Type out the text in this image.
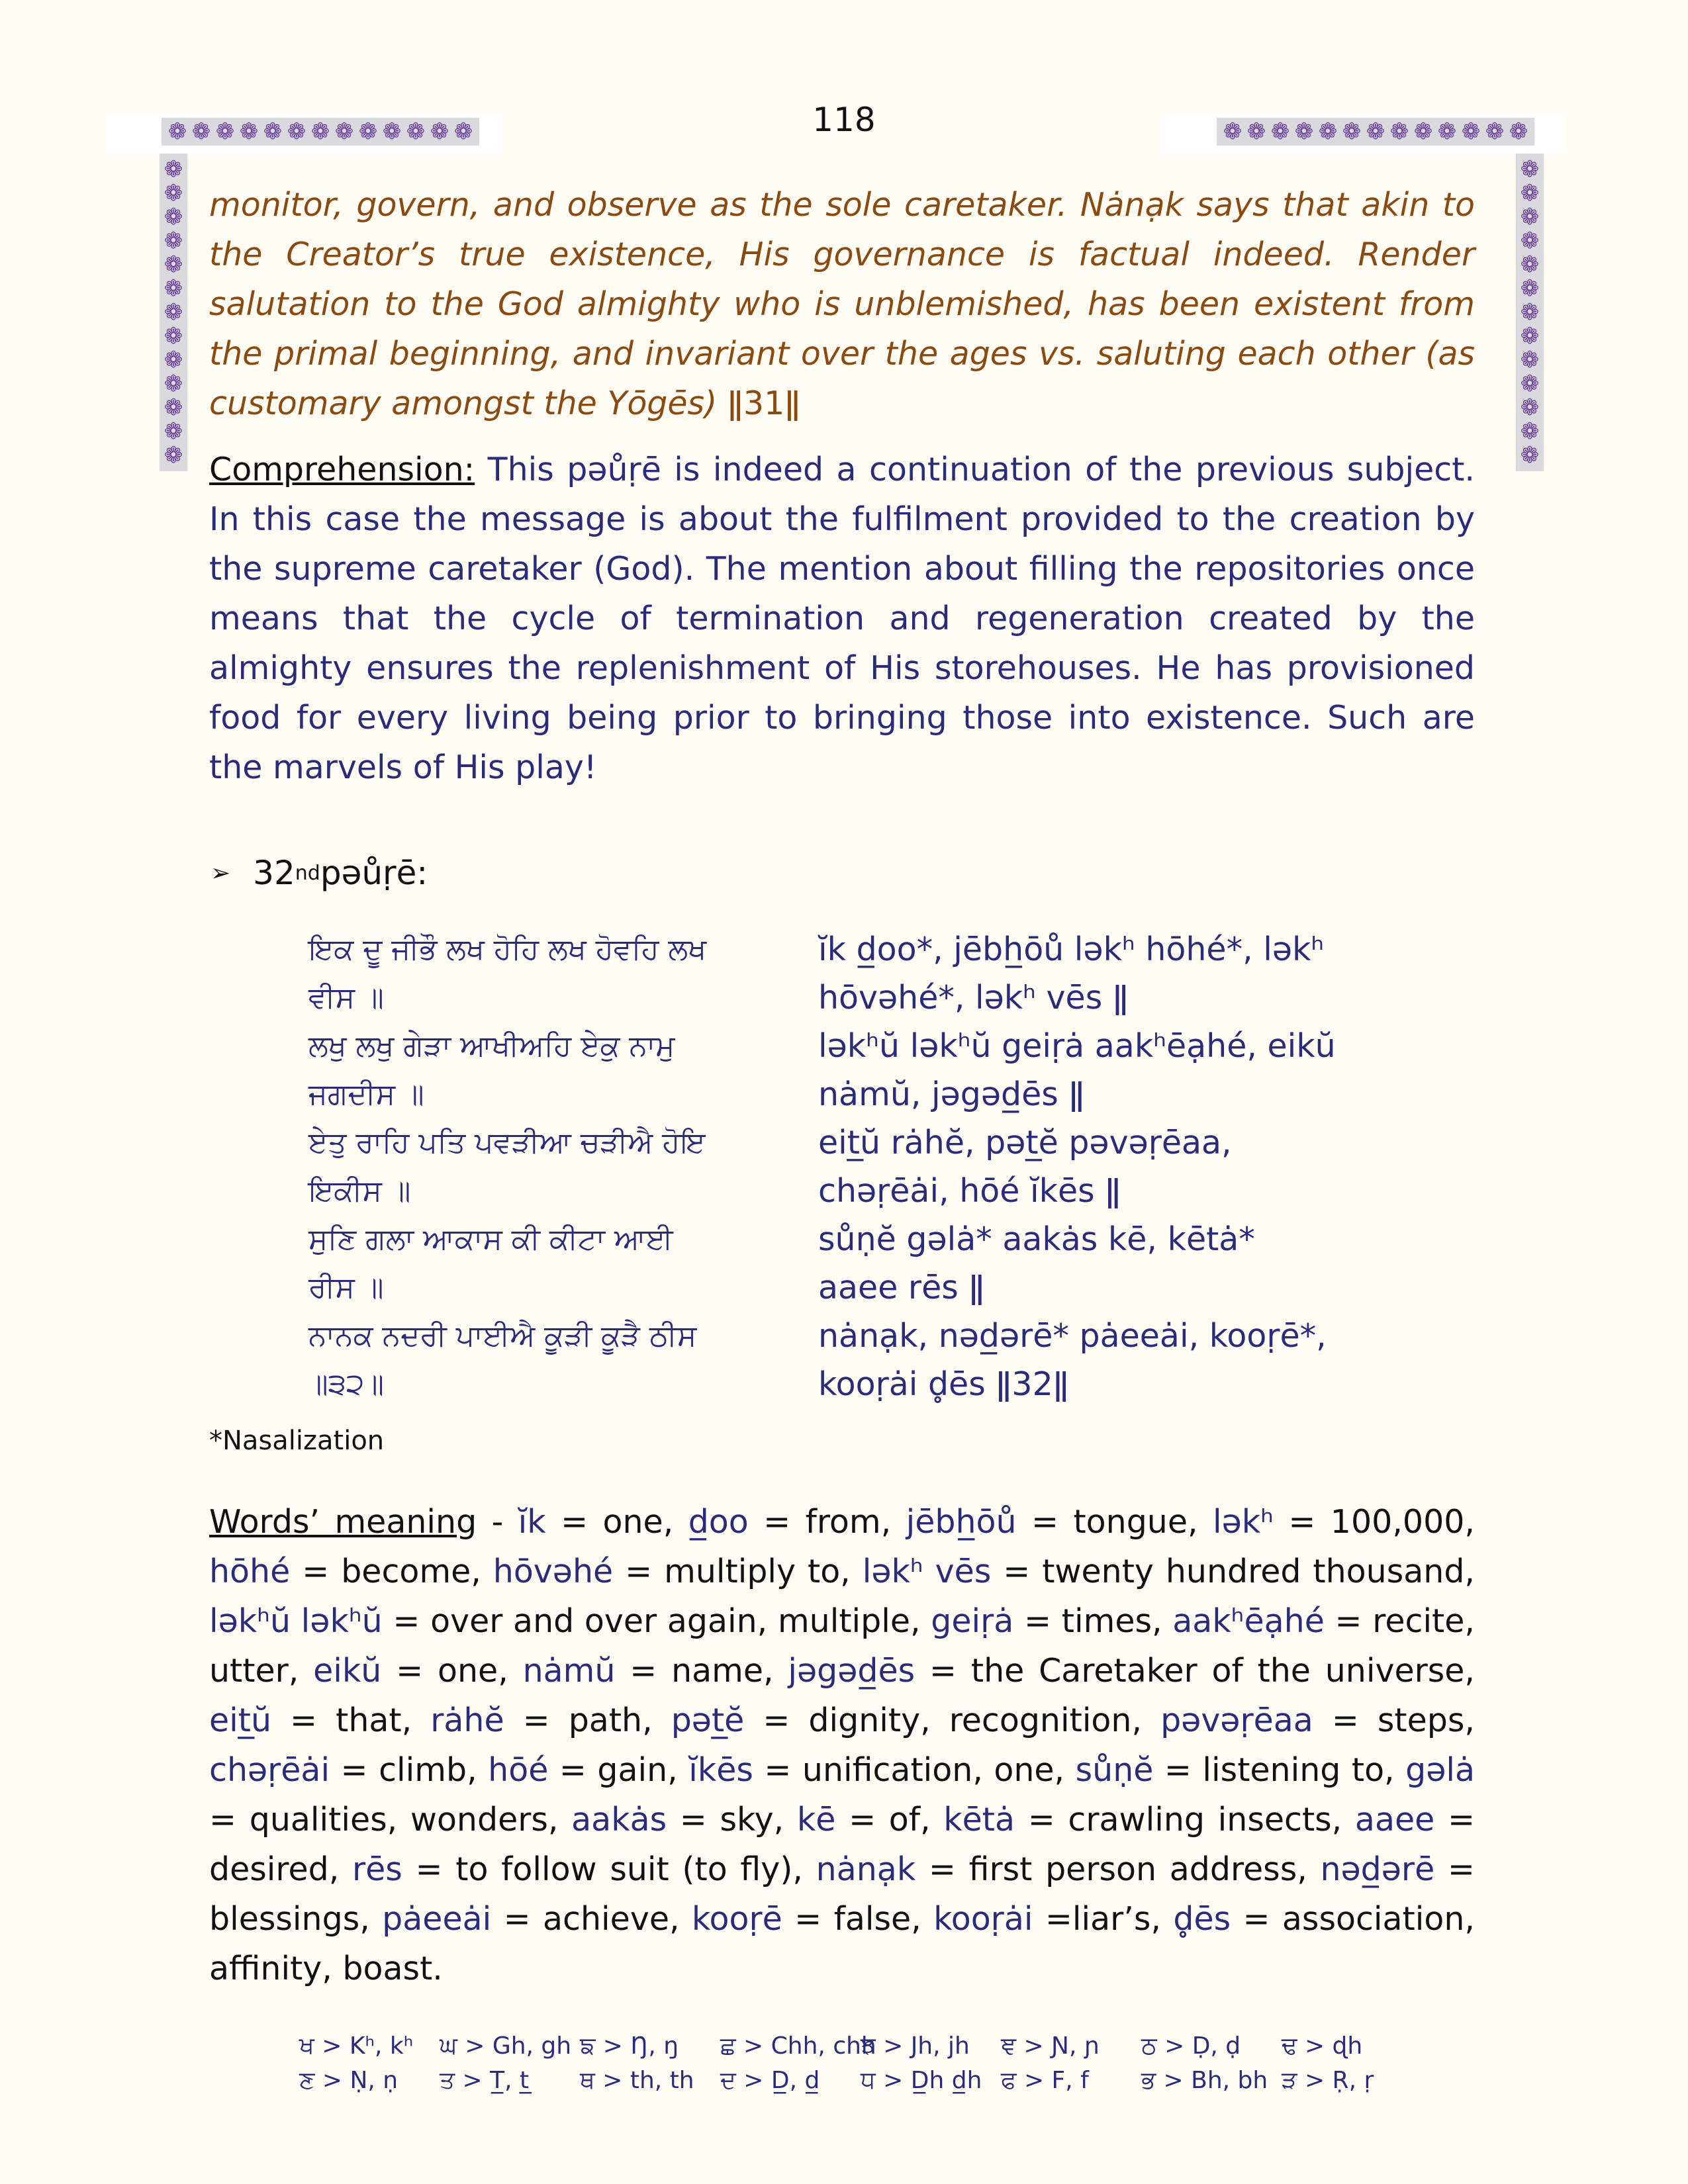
118
❁ ❁ ❁ ❁ ❁ ❁ ❁ ❁ ❁ ❁ ❁ ❁ ❁	❁ ❁ ❁ ❁ ❁ ❁ ❁ ❁ ❁ ❁ ❁ ❁ ❁
❁
❁
❁
❁
❁
❁
❁
❁
❁
❁
❁
❁
❁
❁
❁
❁
❁
❁
❁
❁
❁
❁
❁
❁
❁
❁
monitor, govern, and observe as the sole caretaker. Nȧnạk says that akin to the Creator’s true existence, His governance is factual indeed. Render salutation to the God almighty who is unblemished, has been existent from the primal beginning, and invariant over the ages vs. saluting each other (as customary amongst the Yōgēs) ǁ31ǁ
Comprehension: This pəůṛē is indeed a continuation of the previous subject. In this case the message is about the fulfilment provided to the creation by the supreme caretaker (God). The mention about filling the repositories once means that the cycle of termination and regeneration created by the almighty ensures the replenishment of His storehouses. He has provisioned food for every living being prior to bringing those into existence. Such are the marvels of His play!
➢ 32 nd pəůṛē:
ਇਕ ਦੂ ਜੀਭੌ ਲਖ ਹੋਹਿ ਲਖ ਹੋਵਹਿ ਲਖ	ĭk d̲oo*, jēbh̲ōů ləkʰ hōhé*, ləkʰ
ਵੀਸ ॥	hōvəhé*, ləkʰ vēs ǁ
ਲਖੁ ਲਖੁ ਗੇੜਾ ਆਖੀਅਹਿ ਏਕੁ ਨਾਮੁ	ləkʰŭ ləkʰŭ geiṛȧ aakʰēạhé, eikŭ
ਜਗਦੀਸ ॥	nȧmŭ, jəgəd̲ēs ǁ
ਏਤੁ ਰਾਹਿ ਪਤਿ ਪਵੜੀਆ ਚੜੀਐ ਹੋਇ	eit̲ŭ rȧhĕ, pət̲ĕ pəvəṛēaa,
ਇਕੀਸ ॥	chəṛēȧi, hōé ĭkēs ǁ
ਸੁਣਿ ਗਲਾ ਆਕਾਸ ਕੀ ਕੀਟਾ ਆਈ	sůṇĕ gəlȧ* aakȧs kē, kētȧ*
ਰੀਸ ॥	aaee rēs ǁ
ਨਾਨਕ ਨਦਰੀ ਪਾਈਐ ਕੂੜੀ ਕੂੜੈ ਠੀਸ	nȧnạk, nəd̲ərē* pȧeeȧi, kooṛē*,
॥੩੨॥	kooṛȧi d̥ēs ǁ32ǁ
*Nasalization
Words’ meaning - ĭk = one, d̲oo = from, jēbh̲ōů = tongue, ləkʰ = 100,000, hōhé = become, hōvəhé = multiply to, ləkʰ vēs = twenty hundred thousand, ləkʰŭ ləkʰŭ = over and over again, multiple, geiṛȧ = times, aakʰēạhé = recite, utter, eikŭ = one, nȧmŭ = name, jəgəd̲ēs = the Caretaker of the universe, eit̲ŭ = that, rȧhĕ = path, pət̲ĕ = dignity, recognition, pəvəṛēaa = steps, chəṛēȧi = climb, hōé = gain, ĭkēs = unification, one, sůṇĕ = listening to, gəlȧ = qualities, wonders, aakȧs = sky, kē = of, kētȧ = crawling insects, aaee = desired, rēs = to follow suit (to fly), nȧnạk = first person address, nəd̲ərē = blessings, pȧeeȧi = achieve, kooṛē = false, kooṛȧi =liar’s, d̥ēs = association, affinity, boast.
ਖ > Kʰ, kʰ	ਘ > Gh, gh ਙ > Ŋ, ŋ	ਛ > Chh, chh
ਝ > Jh, jh	ਞ > Ɲ, ɲ	ਠ > Ḍ, ḍ	ਢ > ɖh
ਣ > Ṇ, ṇ	ਤ > T̲, t̲	ਥ > th, th	ਦ > D̲, d̲	ਧ > D̲h d̲h ਫ > F, f	ਭ > Bh, bh ੜ > Ṛ, ṛ
